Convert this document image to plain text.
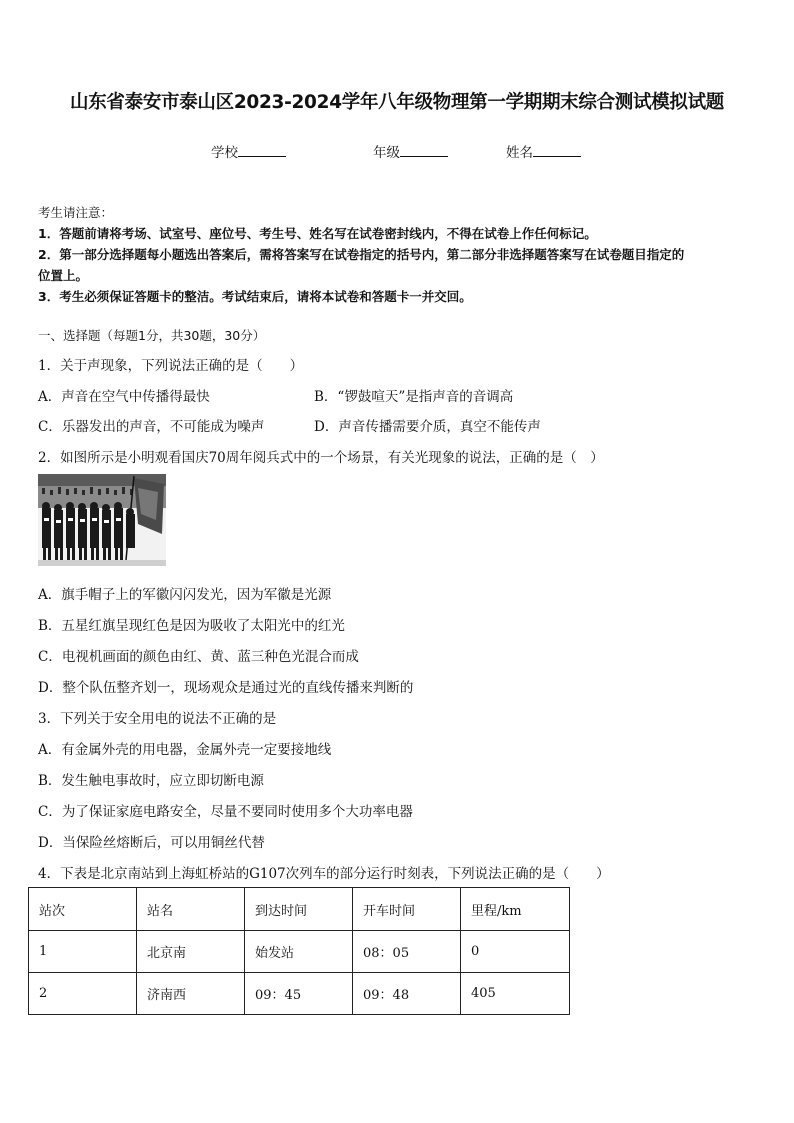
山东省泰安市泰山区2023-2024学年八年级物理第一学期期末综合测试模拟试题
学校	年级	姓名
考生请注意：
1．答题前请将考场、试室号、座位号、考生号、姓名写在试卷密封线内，不得在试卷上作任何标记。
2．第一部分选择题每小题选出答案后，需将答案写在试卷指定的括号内，第二部分非选择题答案写在试卷题目指定的
位置上。
3．考生必须保证答题卡的整洁。考试结束后，请将本试卷和答题卡一并交回。
一、选择题（每题1分，共30题，30分）
1．关于声现象，下列说法正确的是（　　）
A．声音在空气中传播得最快	B．“锣鼓喧天”是指声音的音调高
C．乐器发出的声音，不可能成为噪声	D．声音传播需要介质，真空不能传声
2．如图所示是小明观看国庆70周年阅兵式中的一个场景，有关光现象的说法，正确的是（　）
A．旗手帽子上的军徽闪闪发光，因为军徽是光源
B．五星红旗呈现红色是因为吸收了太阳光中的红光
C．电视机画面的颜色由红、黄、蓝三种色光混合而成
D．整个队伍整齐划一，现场观众是通过光的直线传播来判断的
3．下列关于安全用电的说法不正确的是
A．有金属外壳的用电器，金属外壳一定要接地线
B．发生触电事故时，应立即切断电源
C．为了保证家庭电路安全，尽量不要同时使用多个大功率电器
D．当保险丝熔断后，可以用铜丝代替
4．下表是北京南站到上海虹桥站的G107次列车的部分运行时刻表，下列说法正确的是（　　）
站次	站名	到达时间	开车时间	里程/km
1	北京南	始发站	08：05	0
2	济南西	09：45	09：48	405
